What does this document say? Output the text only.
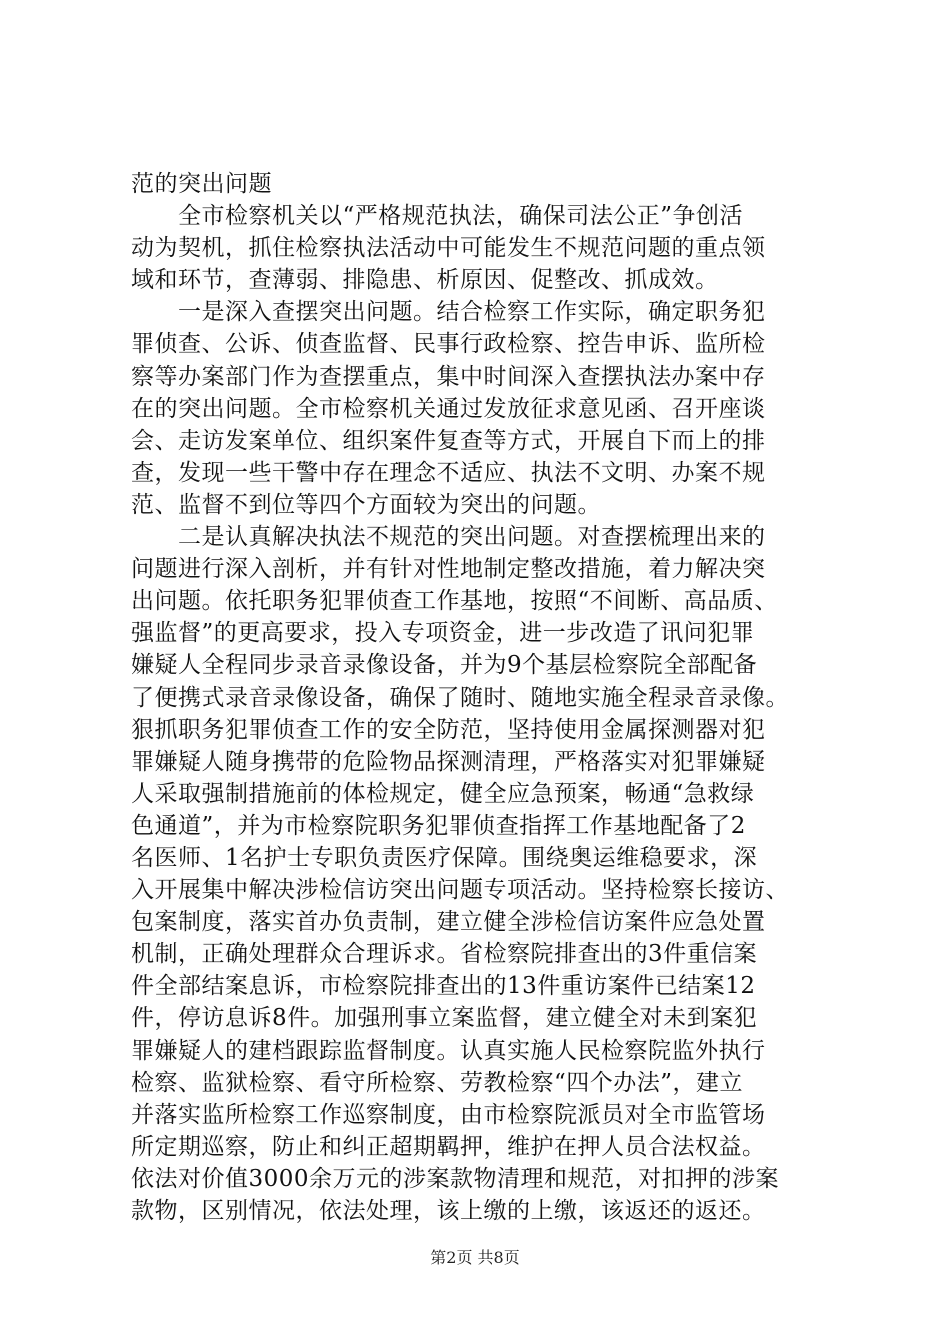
范的突出问题
　　全市检察机关以“严格规范执法，确保司法公正”争创活
动为契机，抓住检察执法活动中可能发生不规范问题的重点领
域和环节，查薄弱、排隐患、析原因、促整改、抓成效。
　　一是深入查摆突出问题。结合检察工作实际，确定职务犯
罪侦查、公诉、侦查监督、民事行政检察、控告申诉、监所检
察等办案部门作为查摆重点，集中时间深入查摆执法办案中存
在的突出问题。全市检察机关通过发放征求意见函、召开座谈
会、走访发案单位、组织案件复查等方式，开展自下而上的排
查，发现一些干警中存在理念不适应、执法不文明、办案不规
范、监督不到位等四个方面较为突出的问题。
　　二是认真解决执法不规范的突出问题。对查摆梳理出来的
问题进行深入剖析，并有针对性地制定整改措施，着力解决突
出问题。依托职务犯罪侦查工作基地，按照“不间断、高品质、
强监督”的更高要求，投入专项资金，进一步改造了讯问犯罪
嫌疑人全程同步录音录像设备，并为9个基层检察院全部配备
了便携式录音录像设备，确保了随时、随地实施全程录音录像。
狠抓职务犯罪侦查工作的安全防范，坚持使用金属探测器对犯
罪嫌疑人随身携带的危险物品探测清理，严格落实对犯罪嫌疑
人采取强制措施前的体检规定，健全应急预案，畅通“急救绿
色通道”，并为市检察院职务犯罪侦查指挥工作基地配备了2
名医师、1名护士专职负责医疗保障。围绕奥运维稳要求，深
入开展集中解决涉检信访突出问题专项活动。坚持检察长接访、
包案制度，落实首办负责制，建立健全涉检信访案件应急处置
机制，正确处理群众合理诉求。省检察院排查出的3件重信案
件全部结案息诉，市检察院排查出的13件重访案件已结案12
件，停访息诉8件。加强刑事立案监督，建立健全对未到案犯
罪嫌疑人的建档跟踪监督制度。认真实施人民检察院监外执行
检察、监狱检察、看守所检察、劳教检察“四个办法”，建立
并落实监所检察工作巡察制度，由市检察院派员对全市监管场
所定期巡察，防止和纠正超期羁押，维护在押人员合法权益。
依法对价值3000余万元的涉案款物清理和规范，对扣押的涉案
款物，区别情况，依法处理，该上缴的上缴，该返还的返还。
第2页 共8页
